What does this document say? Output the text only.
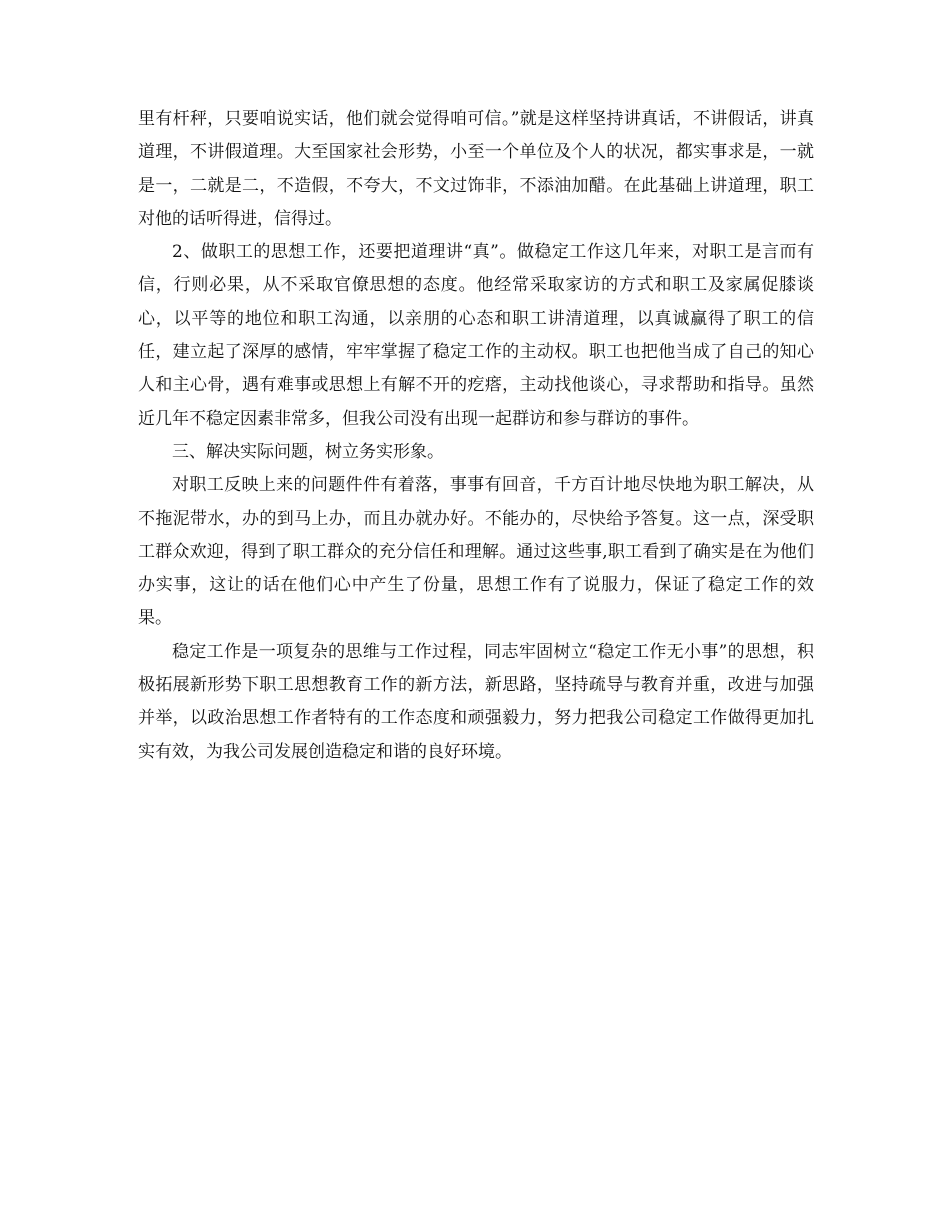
里有杆秤，只要咱说实话，他们就会觉得咱可信。”就是这样坚持讲真话，不讲假话，讲真道理，不讲假道理。大至国家社会形势，小至一个单位及个人的状况，都实事求是，一就是一，二就是二，不造假，不夸大，不文过饰非，不添油加醋。在此基础上讲道理，职工对他的话听得进，信得过。

2、做职工的思想工作，还要把道理讲“真”。做稳定工作这几年来，对职工是言而有信，行则必果，从不采取官僚思想的态度。他经常采取家访的方式和职工及家属促膝谈心，以平等的地位和职工沟通，以亲朋的心态和职工讲清道理，以真诚赢得了职工的信任，建立起了深厚的感情，牢牢掌握了稳定工作的主动权。职工也把他当成了自己的知心人和主心骨，遇有难事或思想上有解不开的疙瘩，主动找他谈心，寻求帮助和指导。虽然近几年不稳定因素非常多，但我公司没有出现一起群访和参与群访的事件。

三、解决实际问题，树立务实形象。

对职工反映上来的问题件件有着落，事事有回音，千方百计地尽快地为职工解决，从不拖泥带水，办的到马上办，而且办就办好。不能办的，尽快给予答复。这一点，深受职工群众欢迎，得到了职工群众的充分信任和理解。通过这些事,职工看到了确实是在为他们办实事，这让的话在他们心中产生了份量，思想工作有了说服力，保证了稳定工作的效果。

稳定工作是一项复杂的思维与工作过程，同志牢固树立“稳定工作无小事”的思想，积极拓展新形势下职工思想教育工作的新方法，新思路，坚持疏导与教育并重，改进与加强并举，以政治思想工作者特有的工作态度和顽强毅力，努力把我公司稳定工作做得更加扎实有效，为我公司发展创造稳定和谐的良好环境。
